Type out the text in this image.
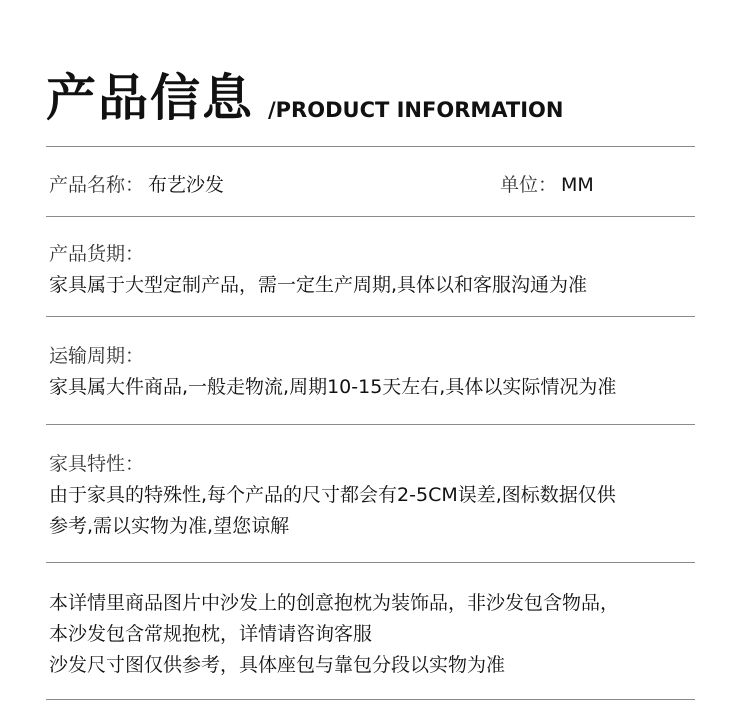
产品信息 /PRODUCT INFORMATION
产品名称： 布艺沙发	单位： MM
产品货期：
家具属于大型定制产品，需一定生产周期,具体以和客服沟通为准
运输周期：
家具属大件商品,一般走物流,周期10-15天左右,具体以实际情况为准
家具特性：
由于家具的特殊性,每个产品的尺寸都会有2-5CM误差,图标数据仅供
参考,需以实物为准,望您谅解
本详情里商品图片中沙发上的创意抱枕为装饰品，非沙发包含物品，
本沙发包含常规抱枕，详情请咨询客服
沙发尺寸图仅供参考，具体座包与靠包分段以实物为准
